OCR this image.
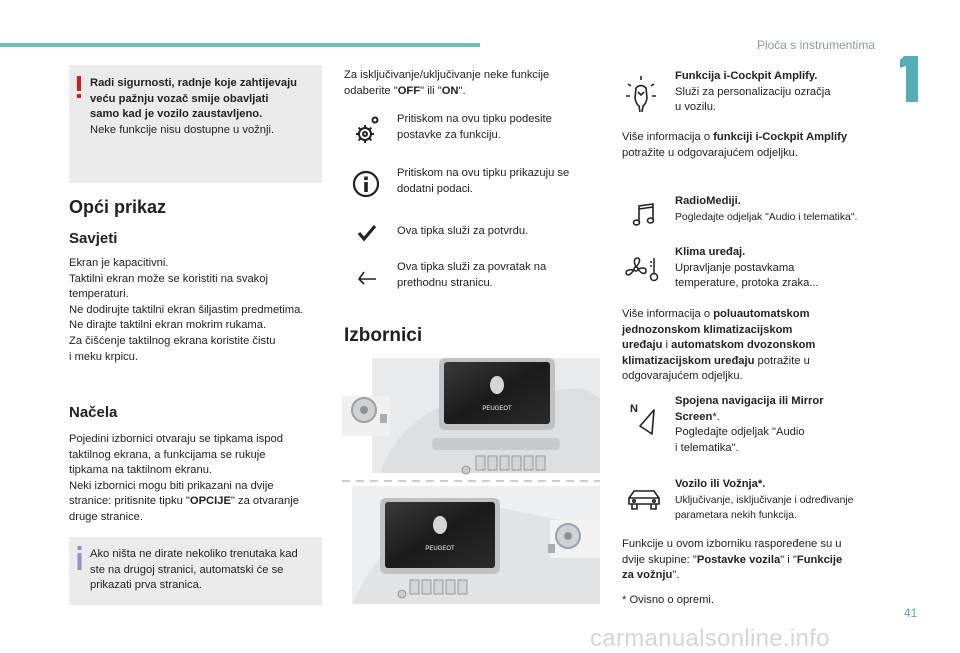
Ploča s instrumentima
Radi sigurnosti, radnje koje zahtijevaju
veću pažnju vozač smije obavljati
samo kad je vozilo zaustavljeno.
Neke funkcije nisu dostupne u vožnji.
Opći prikaz
Savjeti
Ekran je kapacitivni.
Taktilni ekran može se koristiti na svakoj
temperaturi.
Ne dodirujte taktilni ekran šiljastim predmetima.
Ne dirajte taktilni ekran mokrim rukama.
Za čišćenje taktilnog ekrana koristite čistu
i meku krpicu.
Načela
Pojedini izbornici otvaraju se tipkama ispod
taktilnog ekrana, a funkcijama se rukuje
tipkama na taktilnom ekranu.
Neki izbornici mogu biti prikazani na dvije
stranice: pritisnite tipku "OPCIJE" za otvaranje
druge stranice.
Ako ništa ne dirate nekoliko trenutaka kad
ste na drugoj stranici, automatski će se
prikazati prva stranica.
Za isključivanje/uključivanje neke funkcije
odaberite "OFF" ili "ON".
Pritiskom na ovu tipku podesite
postavke za funkciju.
Pritiskom na ovu tipku prikazuju se
dodatni podaci.
Ova tipka služi za potvrdu.
Ova tipka služi za povratak na
prethodnu stranicu.
Izbornici
PEUGEOT
PEUGEOT
Funkcija i-Cockpit Amplify.
Služi za personalizaciju ozračja
u vozilu.
Više informacija o funkciji i-Cockpit Amplify
potražite u odgovarajućem odjeljku.
RadioMediji.
Pogledajte odjeljak "Audio i telematika".
Klima uređaj.
Upravljanje postavkama
temperature, protoka zraka...
Više informacija o poluautomatskom
jednozonskom klimatizacijskom
uređaju i automatskom dvozonskom
klimatizacijskom uređaju potražite u
odgovarajućem odjeljku.
N
Spojena navigacija ili Mirror
Screen*.
Pogledajte odjeljak "Audio
i telematika".
Vozilo ili Vožnja*.
Uključivanje, isključivanje i određivanje
parametara nekih funkcija.
Funkcije u ovom izborniku raspoređene su u
dvije skupine: "Postavke vozila" i "Funkcije
za vožnju".
* Ovisno o opremi.
41
carmanualsonline.info
